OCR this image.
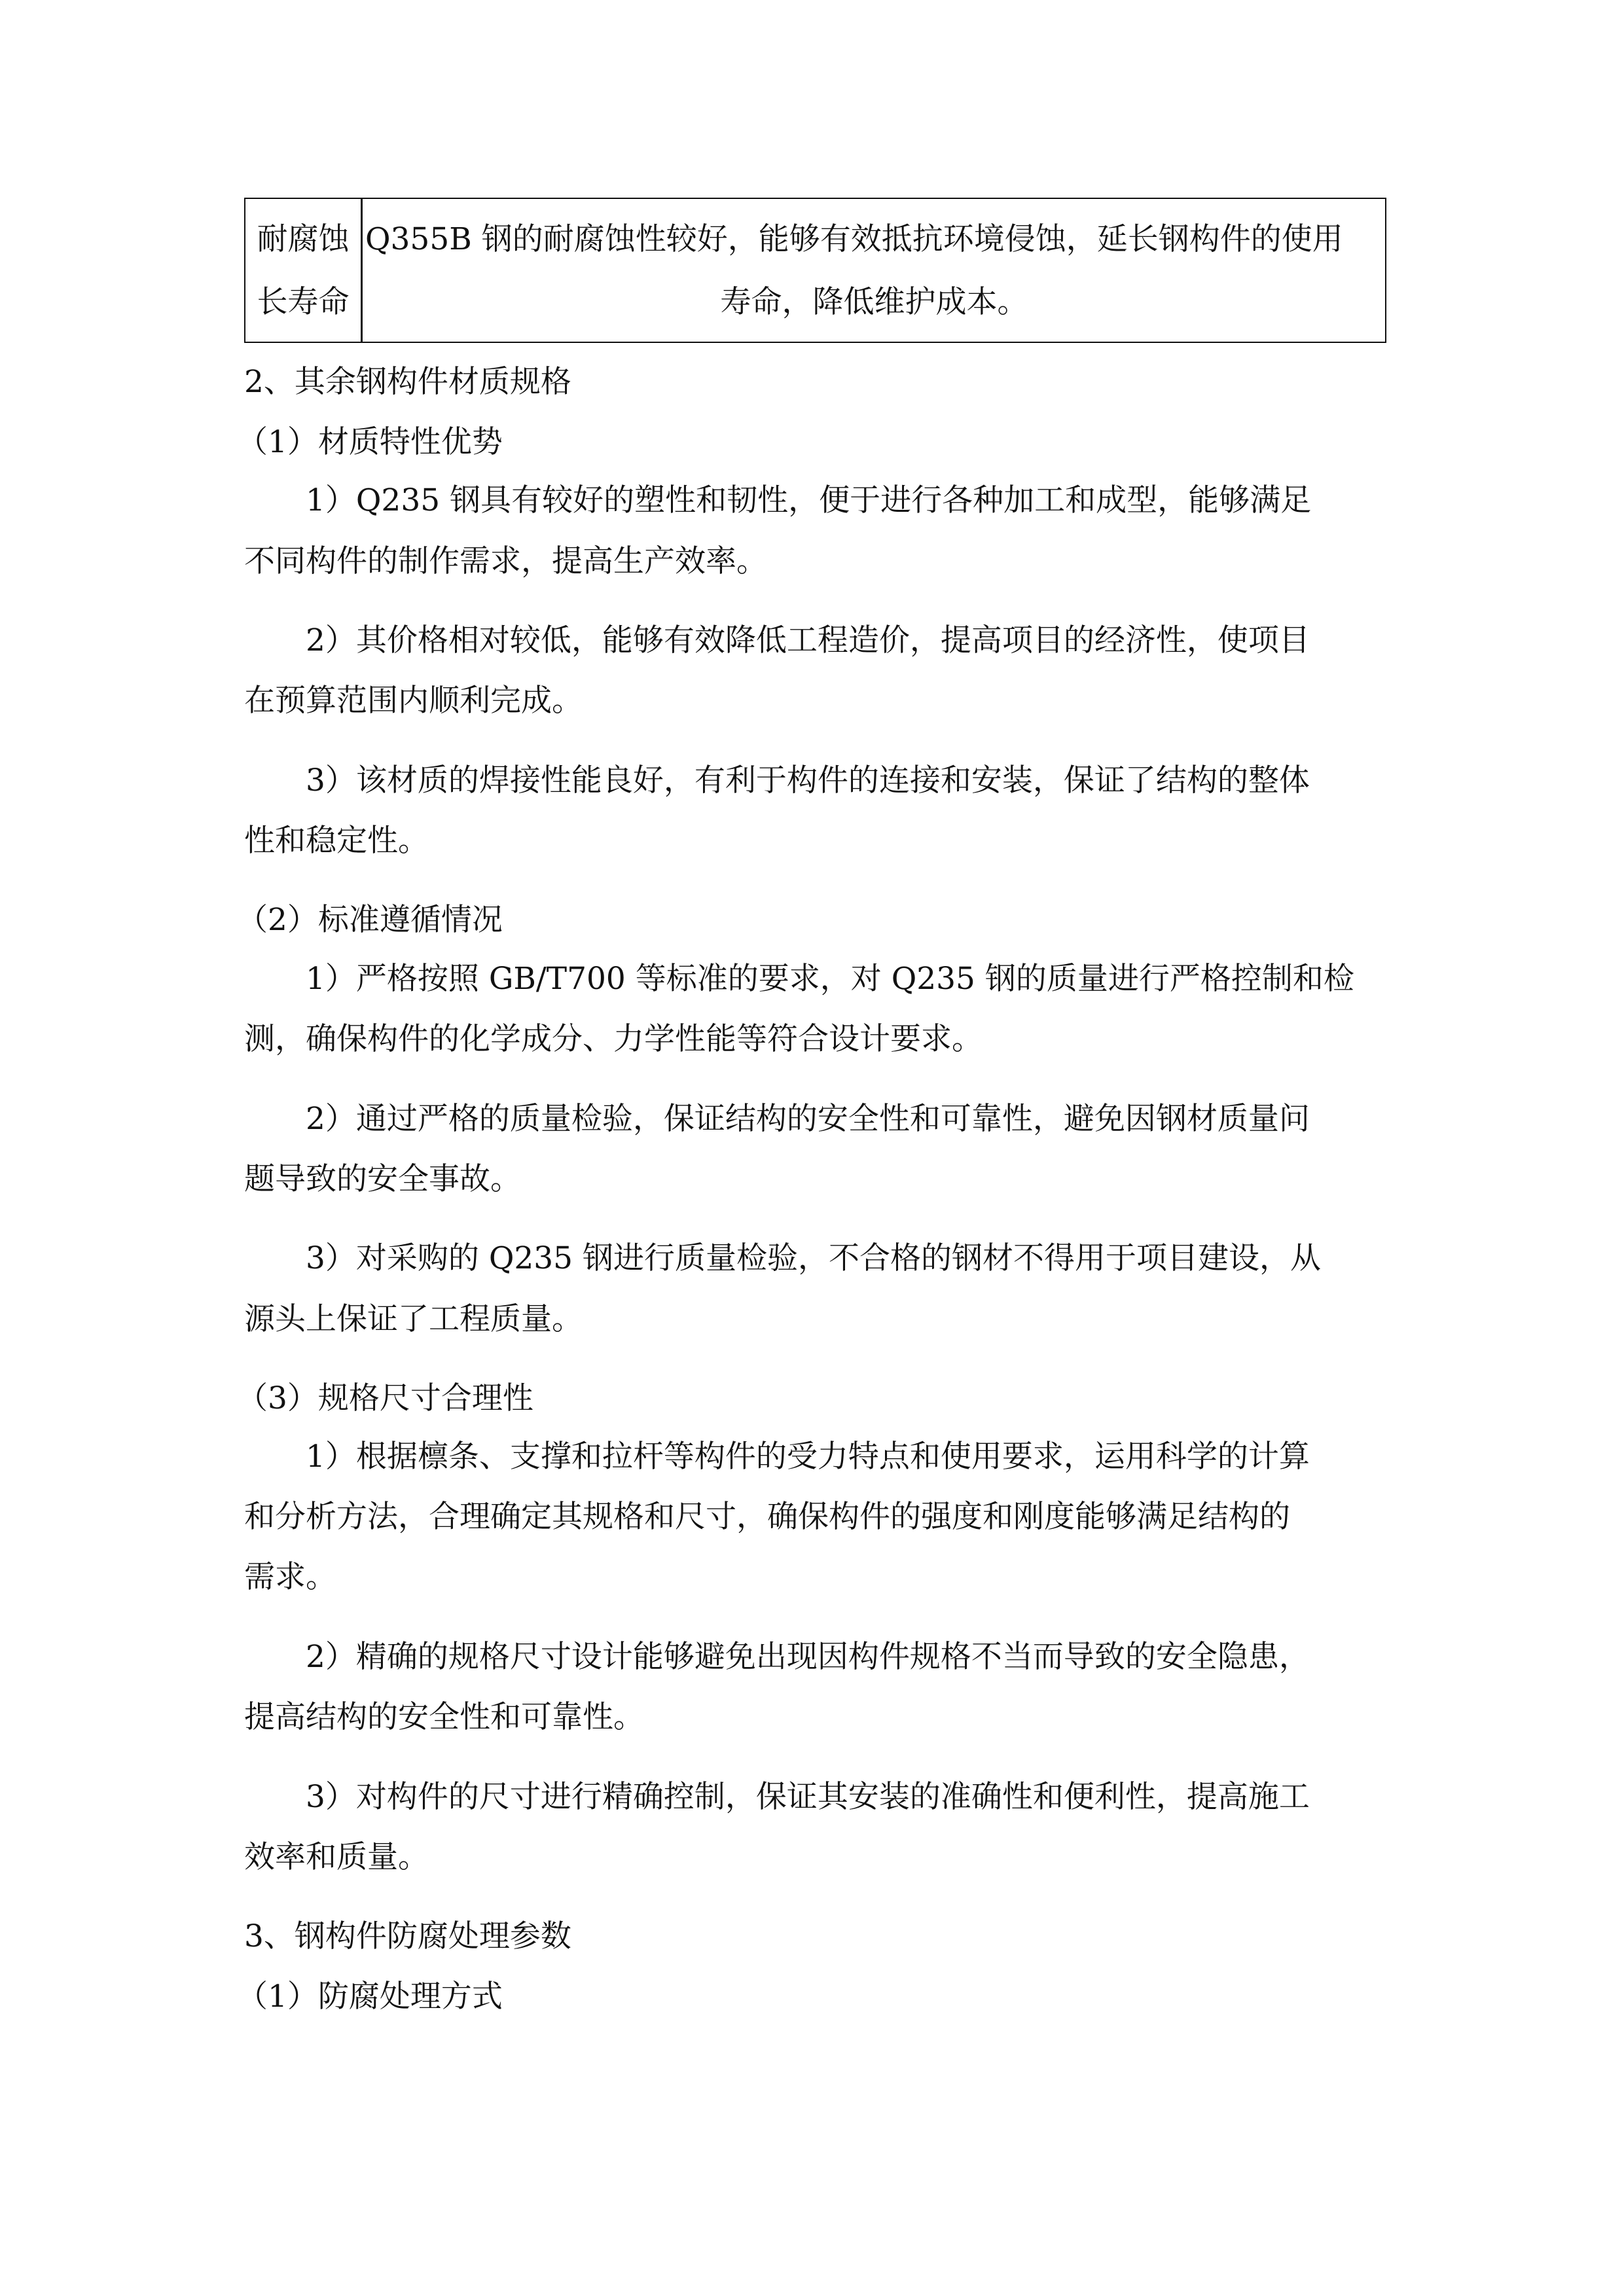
耐腐蚀
长寿命
Q355B 钢的耐腐蚀性较好，能够有效抵抗环境侵蚀，延长钢构件的使用
寿命，降低维护成本。

2、其余钢构件材质规格

（1）材质特性优势

1）Q235 钢具有较好的塑性和韧性，便于进行各种加工和成型，能够满足

不同构件的制作需求，提高生产效率。

2）其价格相对较低，能够有效降低工程造价，提高项目的经济性，使项目

在预算范围内顺利完成。

3）该材质的焊接性能良好，有利于构件的连接和安装，保证了结构的整体

性和稳定性。

（2）标准遵循情况

1）严格按照 GB/T700 等标准的要求，对 Q235 钢的质量进行严格控制和检

测，确保构件的化学成分、力学性能等符合设计要求。

2）通过严格的质量检验，保证结构的安全性和可靠性，避免因钢材质量问

题导致的安全事故。

3）对采购的 Q235 钢进行质量检验，不合格的钢材不得用于项目建设，从

源头上保证了工程质量。

（3）规格尺寸合理性

1）根据檩条、支撑和拉杆等构件的受力特点和使用要求，运用科学的计算

和分析方法，合理确定其规格和尺寸，确保构件的强度和刚度能够满足结构的

需求。

2）精确的规格尺寸设计能够避免出现因构件规格不当而导致的安全隐患，

提高结构的安全性和可靠性。

3）对构件的尺寸进行精确控制，保证其安装的准确性和便利性，提高施工

效率和质量。

3、钢构件防腐处理参数

（1）防腐处理方式
